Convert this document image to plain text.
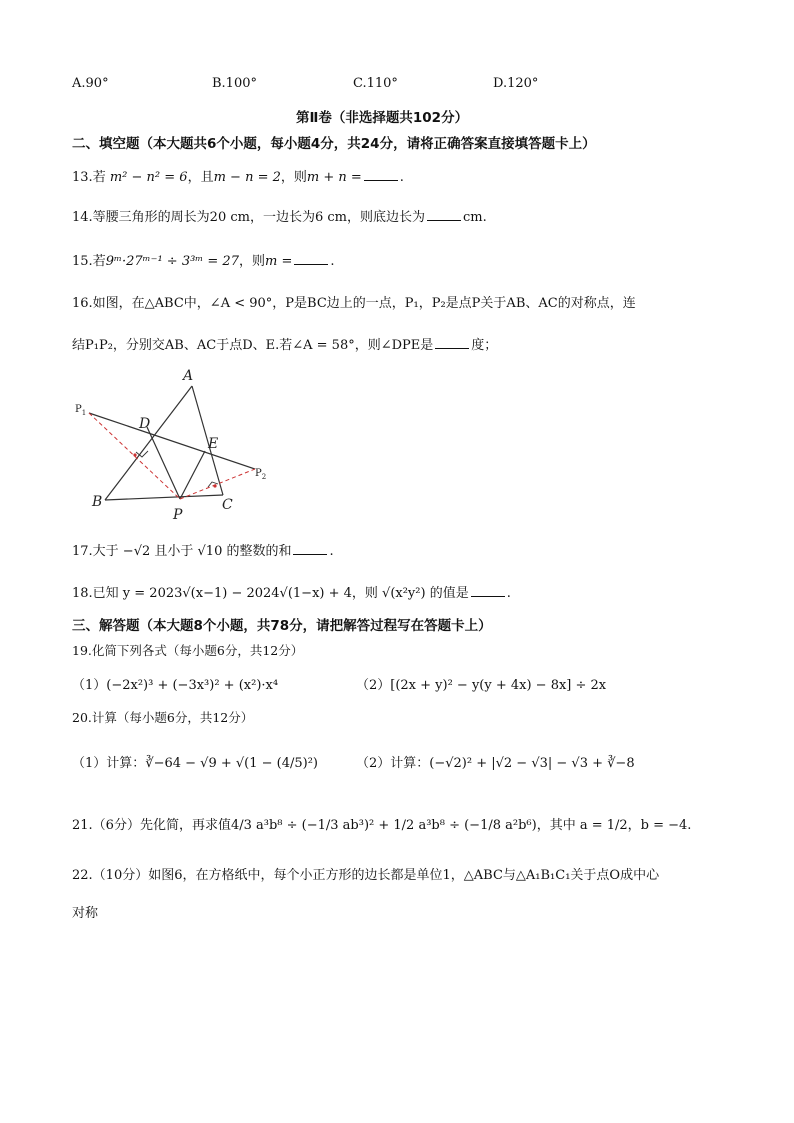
A.90°	B.100°	C.110°	D.120°
第Ⅱ卷（非选择题共102分）
二、填空题（本大题共6个小题，每小题4分，共24分，请将正确答案直接填答题卡上）
13.若 m² − n² = 6，且m − n = 2，则m + n =	.
14.等腰三角形的周长为20 cm，一边长为6 cm，则底边长为	cm.
15.若9ᵐ·27ᵐ⁻¹ ÷ 3³ᵐ = 27，则m =	.
16.如图，在△ABC中，∠A < 90°，P是BC边上的一点，P₁，P₂是点P关于AB、AC的对称点，连
结P₁P₂，分别交AB、AC于点D、E.若∠A = 58°，则∠DPE是	度；
A
B	C
D
E
P
$P_1$
$P_2$
17.大于 −√2 且小于 √10 的整数的和	.
18.已知 y = 2023√(x−1) − 2024√(1−x) + 4，则 √(x²y²) 的值是	.
三、解答题（本大题8个小题，共78分，请把解答过程写在答题卡上）
19.化简下列各式（每小题6分，共12分）
（1）(−2x²)³ + (−3x³)² + (x²)·x⁴	（2）[(2x + y)² − y(y + 4x) − 8x] ÷ 2x
20.计算（每小题6分，共12分）
（1）计算：∛−64 − √9 + √(1 − (4/5)²)	（2）计算：(−√2)² + |√2 − √3| − √3 + ∛−8
21.（6分）先化简，再求值4/3 a³b⁸ ÷ (−1/3 ab³)² + 1/2 a³b⁸ ÷ (−1/8 a²b⁶)，其中 a = 1/2，b = −4.
22.（10分）如图6，在方格纸中，每个小正方形的边长都是单位1，△ABC与△A₁B₁C₁关于点O成中心
对称
